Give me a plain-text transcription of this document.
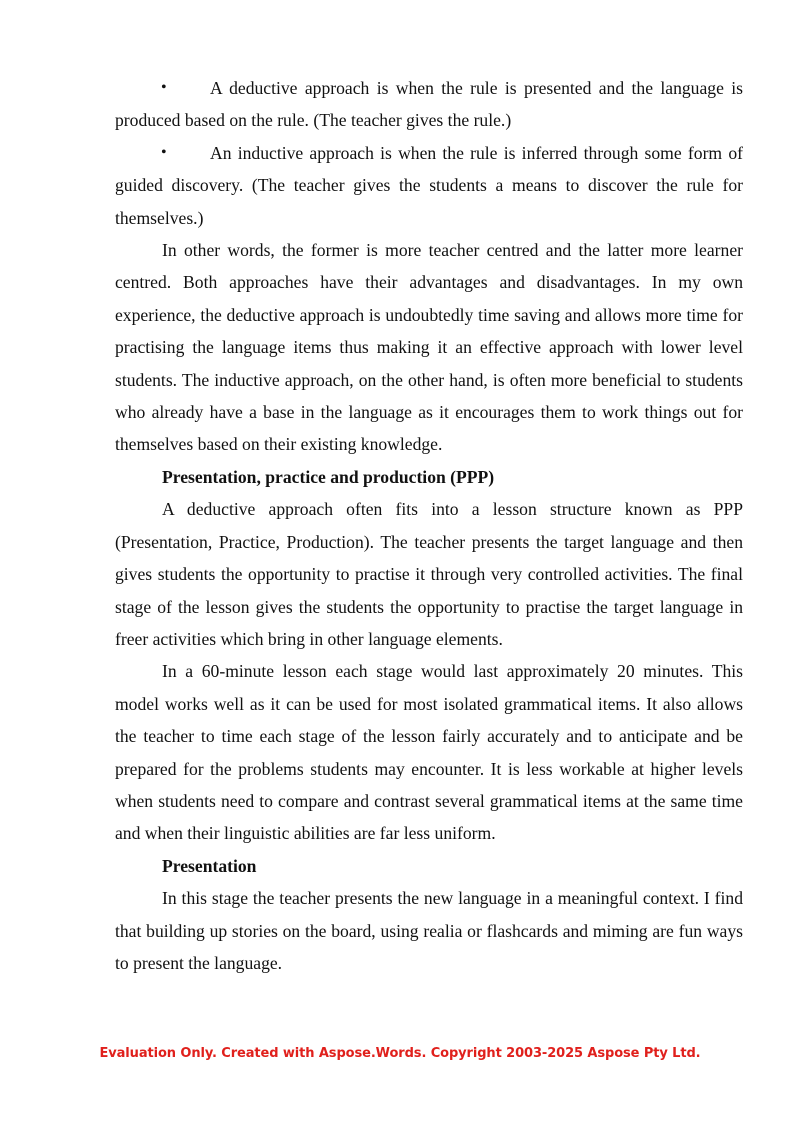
• A deductive approach is when the rule is presented and the language is produced based on the rule. (The teacher gives the rule.)

• An inductive approach is when the rule is inferred through some form of guided discovery. (The teacher gives the students a means to discover the rule for themselves.)

In other words, the former is more teacher centred and the latter more learner centred. Both approaches have their advantages and disadvantages. In my own experience, the deductive approach is undoubtedly time saving and allows more time for practising the language items thus making it an effective approach with lower level students. The inductive approach, on the other hand, is often more beneficial to students who already have a base in the language as it encourages them to work things out for themselves based on their existing knowledge.

Presentation, practice and production (PPP)

A deductive approach often fits into a lesson structure known as PPP (Presentation, Practice, Production). The teacher presents the target language and then gives students the opportunity to practise it through very controlled activities. The final stage of the lesson gives the students the opportunity to practise the target language in freer activities which bring in other language elements.

In a 60-minute lesson each stage would last approximately 20 minutes. This model works well as it can be used for most isolated grammatical items. It also allows the teacher to time each stage of the lesson fairly accurately and to anticipate and be prepared for the problems students may encounter. It is less workable at higher levels when students need to compare and contrast several grammatical items at the same time and when their linguistic abilities are far less uniform.

Presentation

In this stage the teacher presents the new language in a meaningful context. I find that building up stories on the board, using realia or flashcards and miming are fun ways to present the language.

Evaluation Only. Created with Aspose.Words. Copyright 2003-2025 Aspose Pty Ltd.
